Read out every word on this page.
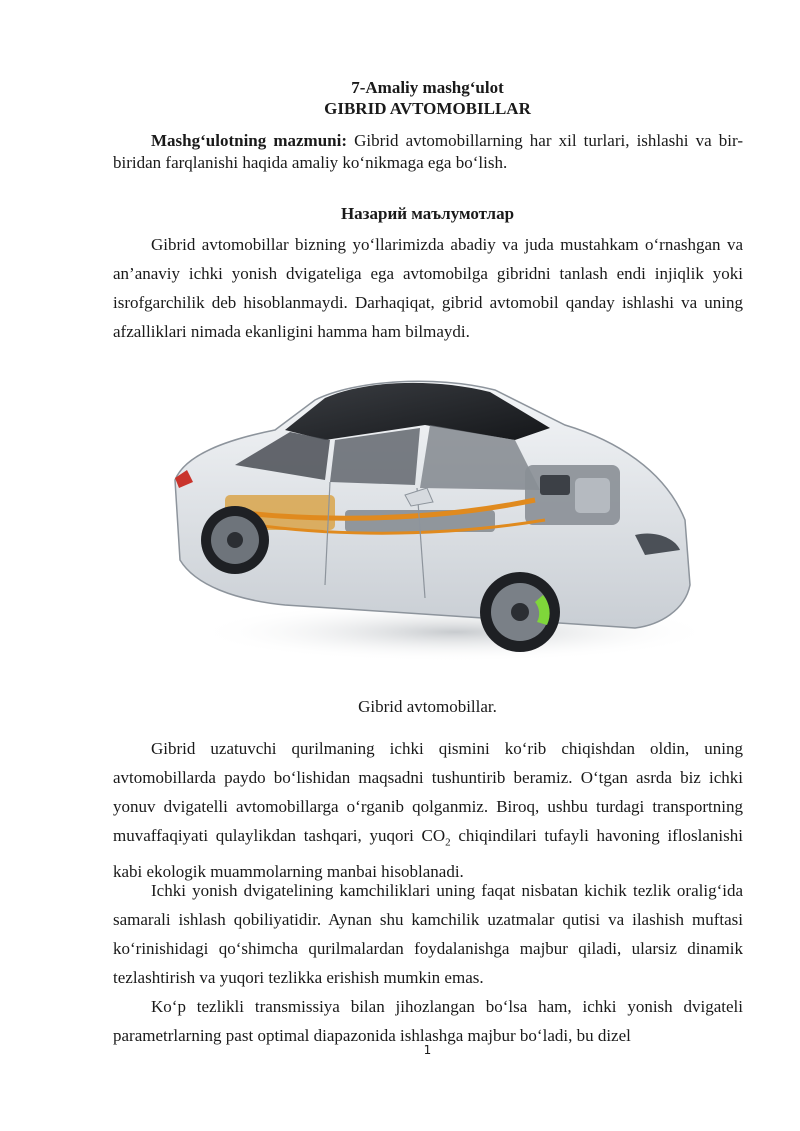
7-Amaliy mashg‘ulot
GIBRID AVTOMOBILLAR

Mashg‘ulotning mazmuni: Gibrid avtomobillarning har xil turlari, ishlashi va bir-biridan farqlanishi haqida amaliy ko‘nikmaga ega bo‘lish.

Назарий маълумотлар

Gibrid avtomobillar bizning yo‘llarimizda abadiy va juda mustahkam o‘rnashgan va an’anaviy ichki yonish dvigateliga ega avtomobilga gibridni tanlash endi injiqlik yoki isrofgarchilik deb hisoblanmaydi. Darhaqiqat, gibrid avtomobil qanday ishlashi va uning afzalliklari nimada ekanligini hamma ham bilmaydi.

Gibrid avtomobillar.

Gibrid uzatuvchi qurilmaning ichki qismini ko‘rib chiqishdan oldin, uning avtomobillarda paydo bo‘lishidan maqsadni tushuntirib beramiz. O‘tgan asrda biz ichki yonuv dvigatelli avtomobillarga o‘rganib qolganmiz. Biroq, ushbu turdagi transportning muvaffaqiyati qulaylikdan tashqari, yuqori $CO_2$ chiqindilari tufayli havoning ifloslanishi kabi ekologik muammolarning manbai hisoblanadi.

Ichki yonish dvigatelining kamchiliklari uning faqat nisbatan kichik tezlik oralig‘ida samarali ishlash qobiliyatidir. Aynan shu kamchilik uzatmalar qutisi va ilashish muftasi ko‘rinishidagi qo‘shimcha qurilmalardan foydalanishga majbur qiladi, ularsiz dinamik tezlashtirish va yuqori tezlikka erishish mumkin emas.

Ko‘p tezlikli transmissiya bilan jihozlangan bo‘lsa ham, ichki yonish dvigateli parametrlarning past optimal diapazonida ishlashga majbur bo‘ladi, bu dizel

1
